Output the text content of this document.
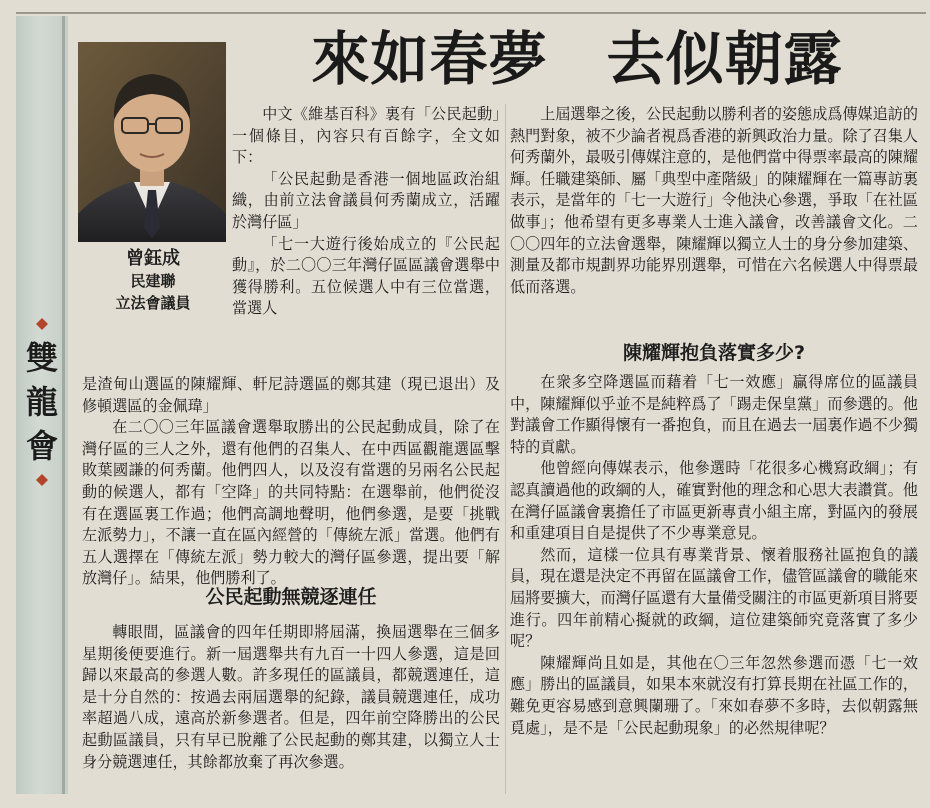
雙
龍
會
曾鈺成
民建聯
立法會議員
來如春夢　去似朝露

中文《維基百科》裏有「公民起動」一個條目，內容只有百餘字，全文如下：

「公民起動是香港一個地區政治組織，由前立法會議員何秀蘭成立，活躍於灣仔區」

「七一大遊行後始成立的『公民起動』，於二〇〇三年灣仔區區議會選舉中獲得勝利。五位候選人中有三位當選，當選人

是渣甸山選區的陳耀輝、軒尼詩選區的鄭其建（現已退出）及修頓選區的金佩瑋」

在二〇〇三年區議會選舉取勝出的公民起動成員，除了在灣仔區的三人之外，還有他們的召集人、在中西區觀龍選區擊敗葉國謙的何秀蘭。他們四人，以及沒有當選的另兩名公民起動的候選人，都有「空降」的共同特點：在選舉前，他們從沒有在選區裏工作過；他們高調地聲明，他們參選，是要「挑戰左派勢力」，不讓一直在區內經營的「傳統左派」當選。他們有五人選擇在「傳統左派」勢力較大的灣仔區參選，提出要「解放灣仔」。結果，他們勝利了。

公民起動無競逐連任

轉眼間，區議會的四年任期即將屆滿，換屆選舉在三個多星期後便要進行。新一屆選舉共有九百一十四人參選，這是回歸以來最高的參選人數。許多現任的區議員，都競選連任，這是十分自然的：按過去兩屆選舉的紀錄，議員競選連任，成功率超過八成，遠高於新參選者。但是，四年前空降勝出的公民起動區議員，只有早已脫離了公民起動的鄭其建，以獨立人士身分競選連任，其餘都放棄了再次參選。

上屆選舉之後，公民起動以勝利者的姿態成爲傳媒追訪的熱門對象，被不少論者視爲香港的新興政治力量。除了召集人何秀蘭外，最吸引傳媒注意的，是他們當中得票率最高的陳耀輝。任職建築師、屬「典型中產階級」的陳耀輝在一篇專訪裏表示，是當年的「七一大遊行」令他決心參選，爭取「在社區做事」；他希望有更多專業人士進入議會，改善議會文化。二〇〇四年的立法會選舉，陳耀輝以獨立人士的身分參加建築、測量及都市規劃界功能界別選舉，可惜在六名候選人中得票最低而落選。

陳耀輝抱負落實多少?

在衆多空降選區而藉着「七一效應」贏得席位的區議員中，陳耀輝似乎並不是純粹爲了「踢走保皇黨」而參選的。他對議會工作顯得懷有一番抱負，而且在過去一屆裏作過不少獨特的貢獻。

他曾經向傳媒表示，他參選時「花很多心機寫政綱」；有認真讀過他的政綱的人，確實對他的理念和心思大表讚賞。他在灣仔區議會裏擔任了市區更新專責小組主席，對區內的發展和重建項目自是提供了不少專業意見。

然而，這樣一位具有專業背景、懷着服務社區抱負的議員，現在還是決定不再留在區議會工作，儘管區議會的職能來屆將要擴大，而灣仔區還有大量備受關注的市區更新項目將要進行。四年前精心擬就的政綱，這位建築師究竟落實了多少呢？

陳耀輝尚且如是，其他在〇三年忽然參選而憑「七一效應」勝出的區議員，如果本來就沒有打算長期在社區工作的，難免更容易感到意興闌珊了。「來如春夢不多時，去似朝露無覓處」，是不是「公民起動現象」的必然規律呢？
